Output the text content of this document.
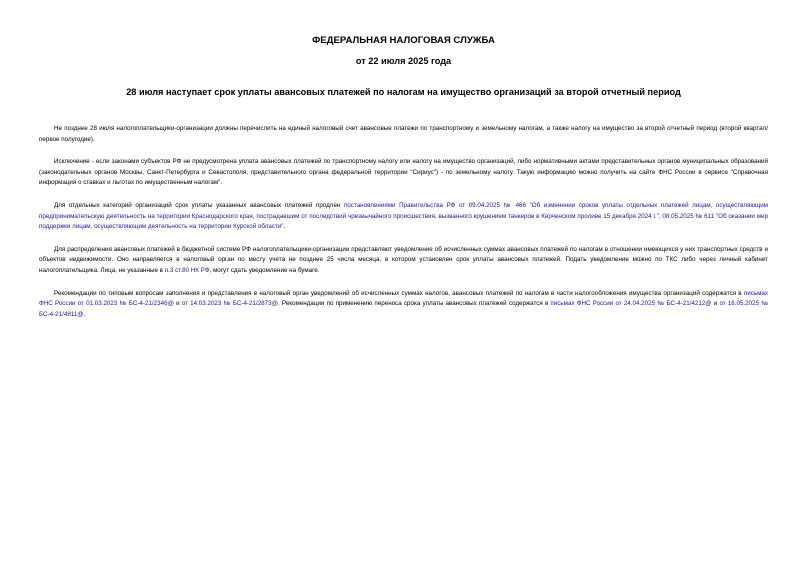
ФЕДЕРАЛЬНАЯ НАЛОГОВАЯ СЛУЖБА
от 22 июля 2025 года
28 июля наступает срок уплаты авансовых платежей по налогам на имущество организаций за второй отчетный период

Не позднее 28 июля налогоплательщики-организации должны перечислить на единый налоговый счет авансовые платежи по транспортному и земельному налогам, а также налогу на имущество за второй отчетный период (второй квартал/первое полугодие).

Исключение - если законами субъектов РФ не предусмотрена уплата авансовых платежей по транспортному налогу или налогу на имущество организаций, либо нормативными актами представительных органов муниципальных образований (законодательных органов Москвы, Санкт-Петербурга и Севастополя, представительного органа федеральной территории "Сириус") - по земельному налогу. Такую информацию можно получить на сайте ФНС России в сервисе "Справочная информация о ставках и льготах по имущественным налогам".

Для отдельных категорий организаций срок уплаты указанных авансовых платежей продлен постановлениями Правительства РФ от 09.04.2025 № 466 "Об изменении сроков уплаты отдельных платежей лицам, осуществляющим предпринимательскую деятельность на территории Краснодарского края, пострадавшим от последствий чрезвычайного происшествия, вызванного крушением танкеров в Керченском проливе 15 декабря 2024 г.", 08.05.2025 № 611 "Об оказании мер поддержки лицам, осуществляющим деятельность на территории Курской области".

Для распределения авансовых платежей в бюджетной системе РФ налогоплательщики-организации представляют уведомление об исчисленных суммах авансовых платежей по налогам в отношении имеющихся у них транспортных средств и объектов недвижимости. Оно направляется в налоговый орган по месту учета не позднее 25 числа месяца, в котором установлен срок уплаты авансовых платежей. Подать уведомление можно по ТКС либо через личный кабинет налогоплательщика. Лица, не указанные в п.3 ст.80 НК РФ, могут сдать уведомление на бумаге.

Рекомендации по типовым вопросам заполнения и представления в налоговый орган уведомлений об исчисленных суммах налогов, авансовых платежей по налогам в части налогообложения имущества организаций содержатся в письмах ФНС России от 01.03.2023 № БС-4-21/2346@ и от 14.03.2023 № БС-4-21/2873@. Рекомендации по применению переноса срока уплаты авансовых платежей содержатся в письмах ФНС России от 24.04.2025 № БС-4-21/4212@ и от 16.05.2025 № БС-4-21/4811@.
